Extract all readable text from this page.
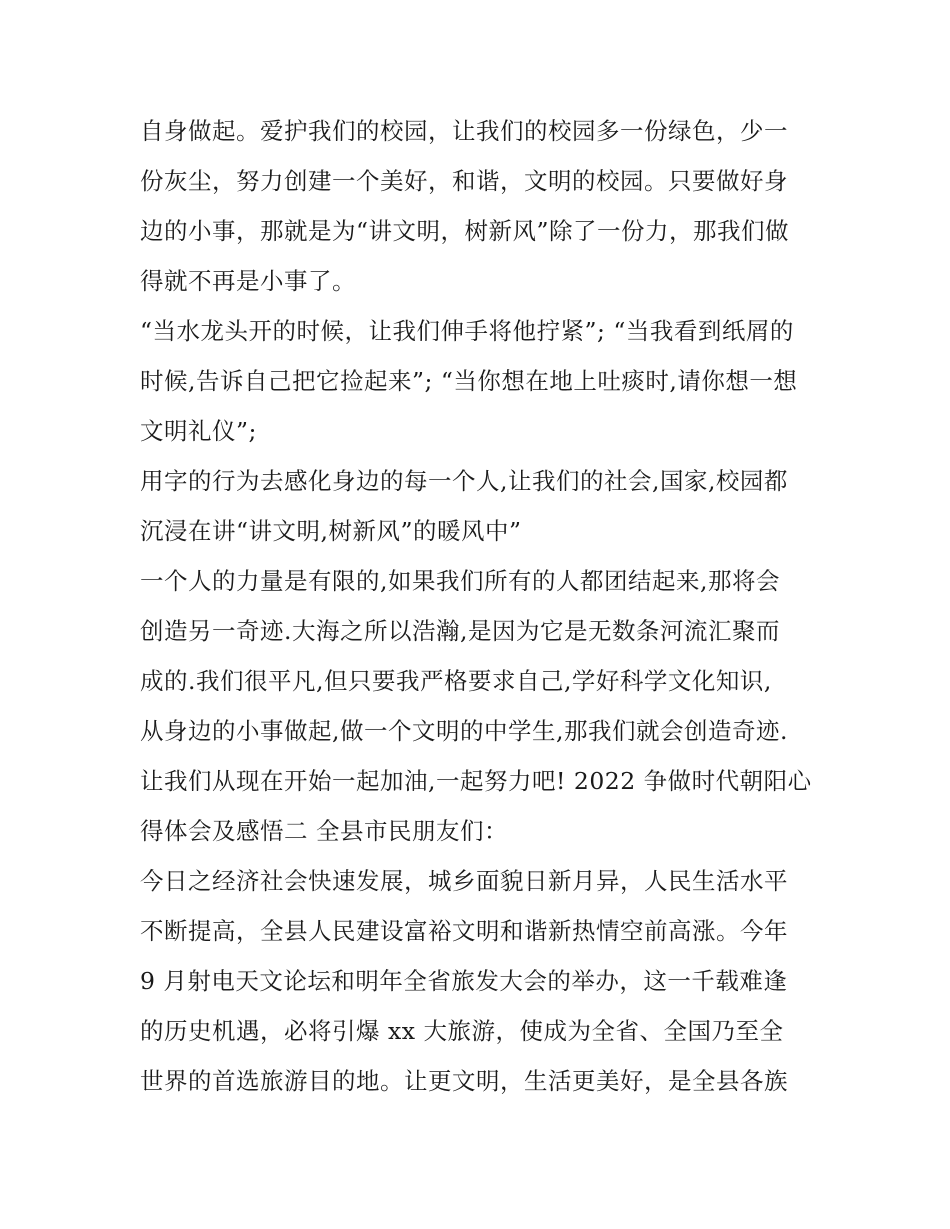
自身做起。爱护我们的校园，让我们的校园多一份绿色，少一
份灰尘，努力创建一个美好，和谐，文明的校园。只要做好身
边的小事，那就是为“讲文明，树新风”除了一份力，那我们做
得就不再是小事了。
“当水龙头开的时候，让我们伸手将他拧紧”; “当我看到纸屑的
时候,告诉自己把它捡起来”; “当你想在地上吐痰时,请你想一想
文明礼仪”;
用字的行为去感化身边的每一个人,让我们的社会,国家,校园都
沉浸在讲“讲文明,树新风”的暖风中”
一个人的力量是有限的,如果我们所有的人都团结起来,那将会
创造另一奇迹.大海之所以浩瀚,是因为它是无数条河流汇聚而
成的.我们很平凡,但只要我严格要求自己,学好科学文化知识,
从身边的小事做起,做一个文明的中学生,那我们就会创造奇迹.
让我们从现在开始一起加油,一起努力吧! 2022 争做时代朝阳心
得体会及感悟二 全县市民朋友们：
今日之经济社会快速发展，城乡面貌日新月异，人民生活水平
不断提高，全县人民建设富裕文明和谐新热情空前高涨。今年
9 月射电天文论坛和明年全省旅发大会的举办，这一千载难逢
的历史机遇，必将引爆 xx 大旅游，使成为全省、全国乃至全
世界的首选旅游目的地。让更文明，生活更美好，是全县各族
